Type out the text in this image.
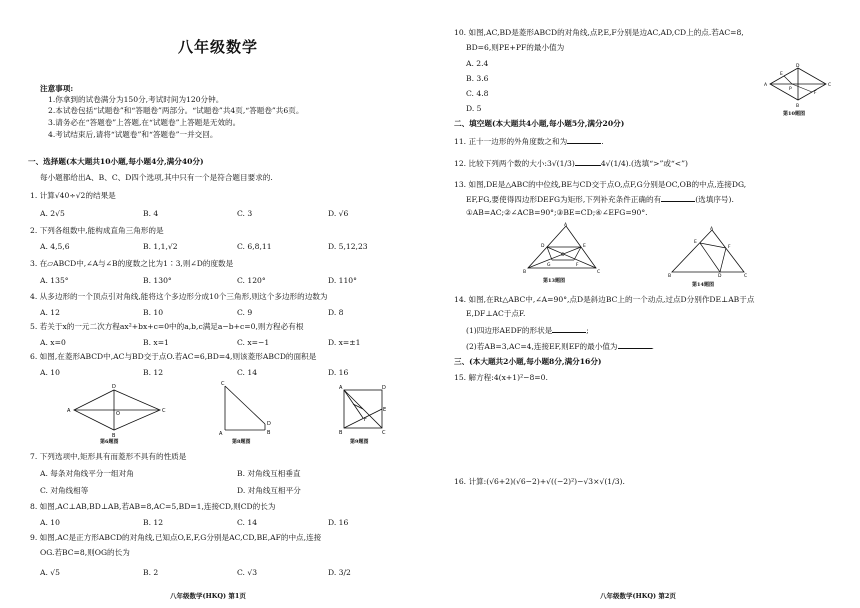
八年级数学
注意事项:
1.你拿到的试卷满分为150分,考试时间为120分钟。
2.本试卷包括“试题卷”和“答题卷”两部分。“试题卷”共4页,“答题卷”共6页。
3.请务必在“答题卷”上答题,在“试题卷”上答题是无效的。
4.考试结束后,请将“试题卷”和“答题卷”一并交回。
一、选择题(本大题共10小题,每小题4分,满分40分)
每小题都给出A、B、C、D四个选项,其中只有一个是符合题目要求的.
1. 计算√40÷√2的结果是
A. 2√5	B. 4	C. 3	D. √6
2. 下列各组数中,能构成直角三角形的是
A. 4,5,6	B. 1,1,√2	C. 6,8,11	D. 5,12,23
3. 在▱ABCD中,∠A与∠B的度数之比为1∶3,则∠D的度数是
A. 135°	B. 130°	C. 120°	D. 110°
4. 从多边形的一个顶点引对角线,能将这个多边形分成10个三角形,则这个多边形的边数为
A. 12	B. 10	C. 9	D. 8
5. 若关于x的一元二次方程ax²+bx+c=0中的a,b,c满足a−b+c=0,则方程必有根
A. x=0	B. x=1	C. x=−1	D. x=±1
6. 如图,在菱形ABCD中,AC与BD交于点O.若AC=6,BD=4,则该菱形ABCD的面积是
A. 10	B. 12	C. 14	D. 16
A
D
C
B
O
第6题图
C
A	B
D
第8题图
A	D
B	C
E
F
第9题图
7. 下列选项中,矩形具有而菱形不具有的性质是
A. 每条对角线平分一组对角	B. 对角线互相垂直
C. 对角线相等	D. 对角线互相平分
8. 如图,AC⊥AB,BD⊥AB,若AB=8,AC=5,BD=1,连接CD,则CD的长为
A. 10	B. 12	C. 14	D. 16
9. 如图,AC是正方形ABCD的对角线,已知点O,E,F,G分别是AC,CD,BE,AF的中点,连接
OG.若BC=8,则OG的长为
A. √5	B. 2	C. √3	D. 3/2
八年级数学(HKQ) 第1页
10. 如图,AC,BD是菱形ABCD的对角线,点P,E,F分别是边AC,AD,CD上的点.若AC=8,
BD=6,则PE+PF的最小值为
A. 2.4
B. 3.6
C. 4.8
D. 5
A
D
C
B
E
F
P
第10题图
二、填空题(本大题共4小题,每小题5分,满分20分)
11. 正十一边形的外角度数之和为	.
12. 比较下列两个数的大小:3√(1/3)	4√(1/4).(选填“>”或“<”)
13. 如图,DE是△ABC的中位线,BE与CD交于点O,点F,G分别是OC,OB的中点,连接DG,
EF,FG,要使得四边形DEFG为矩形,下列补充条件正确的有	(选填序号).
①AB=AC;②∠ACB=90°;③BE=CD;④∠EFG=90°.
A
D	E
B	C
O
G	F
第13题图
A
E
F
B	D	C
第14题图
14. 如图,在Rt△ABC中,∠A=90°,点D是斜边BC上的一个动点,过点D分别作DE⊥AB于点
E,DF⊥AC于点F.
(1)四边形AEDF的形状是	;
(2)若AB=3,AC=4,连接EF,则EF的最小值为	.
三、(本大题共2小题,每小题8分,满分16分)
15. 解方程:4(x+1)²−8=0.
16. 计算:(√6+2)(√6−2)+√((−2)²)−√3×√(1/3).
八年级数学(HKQ) 第2页
